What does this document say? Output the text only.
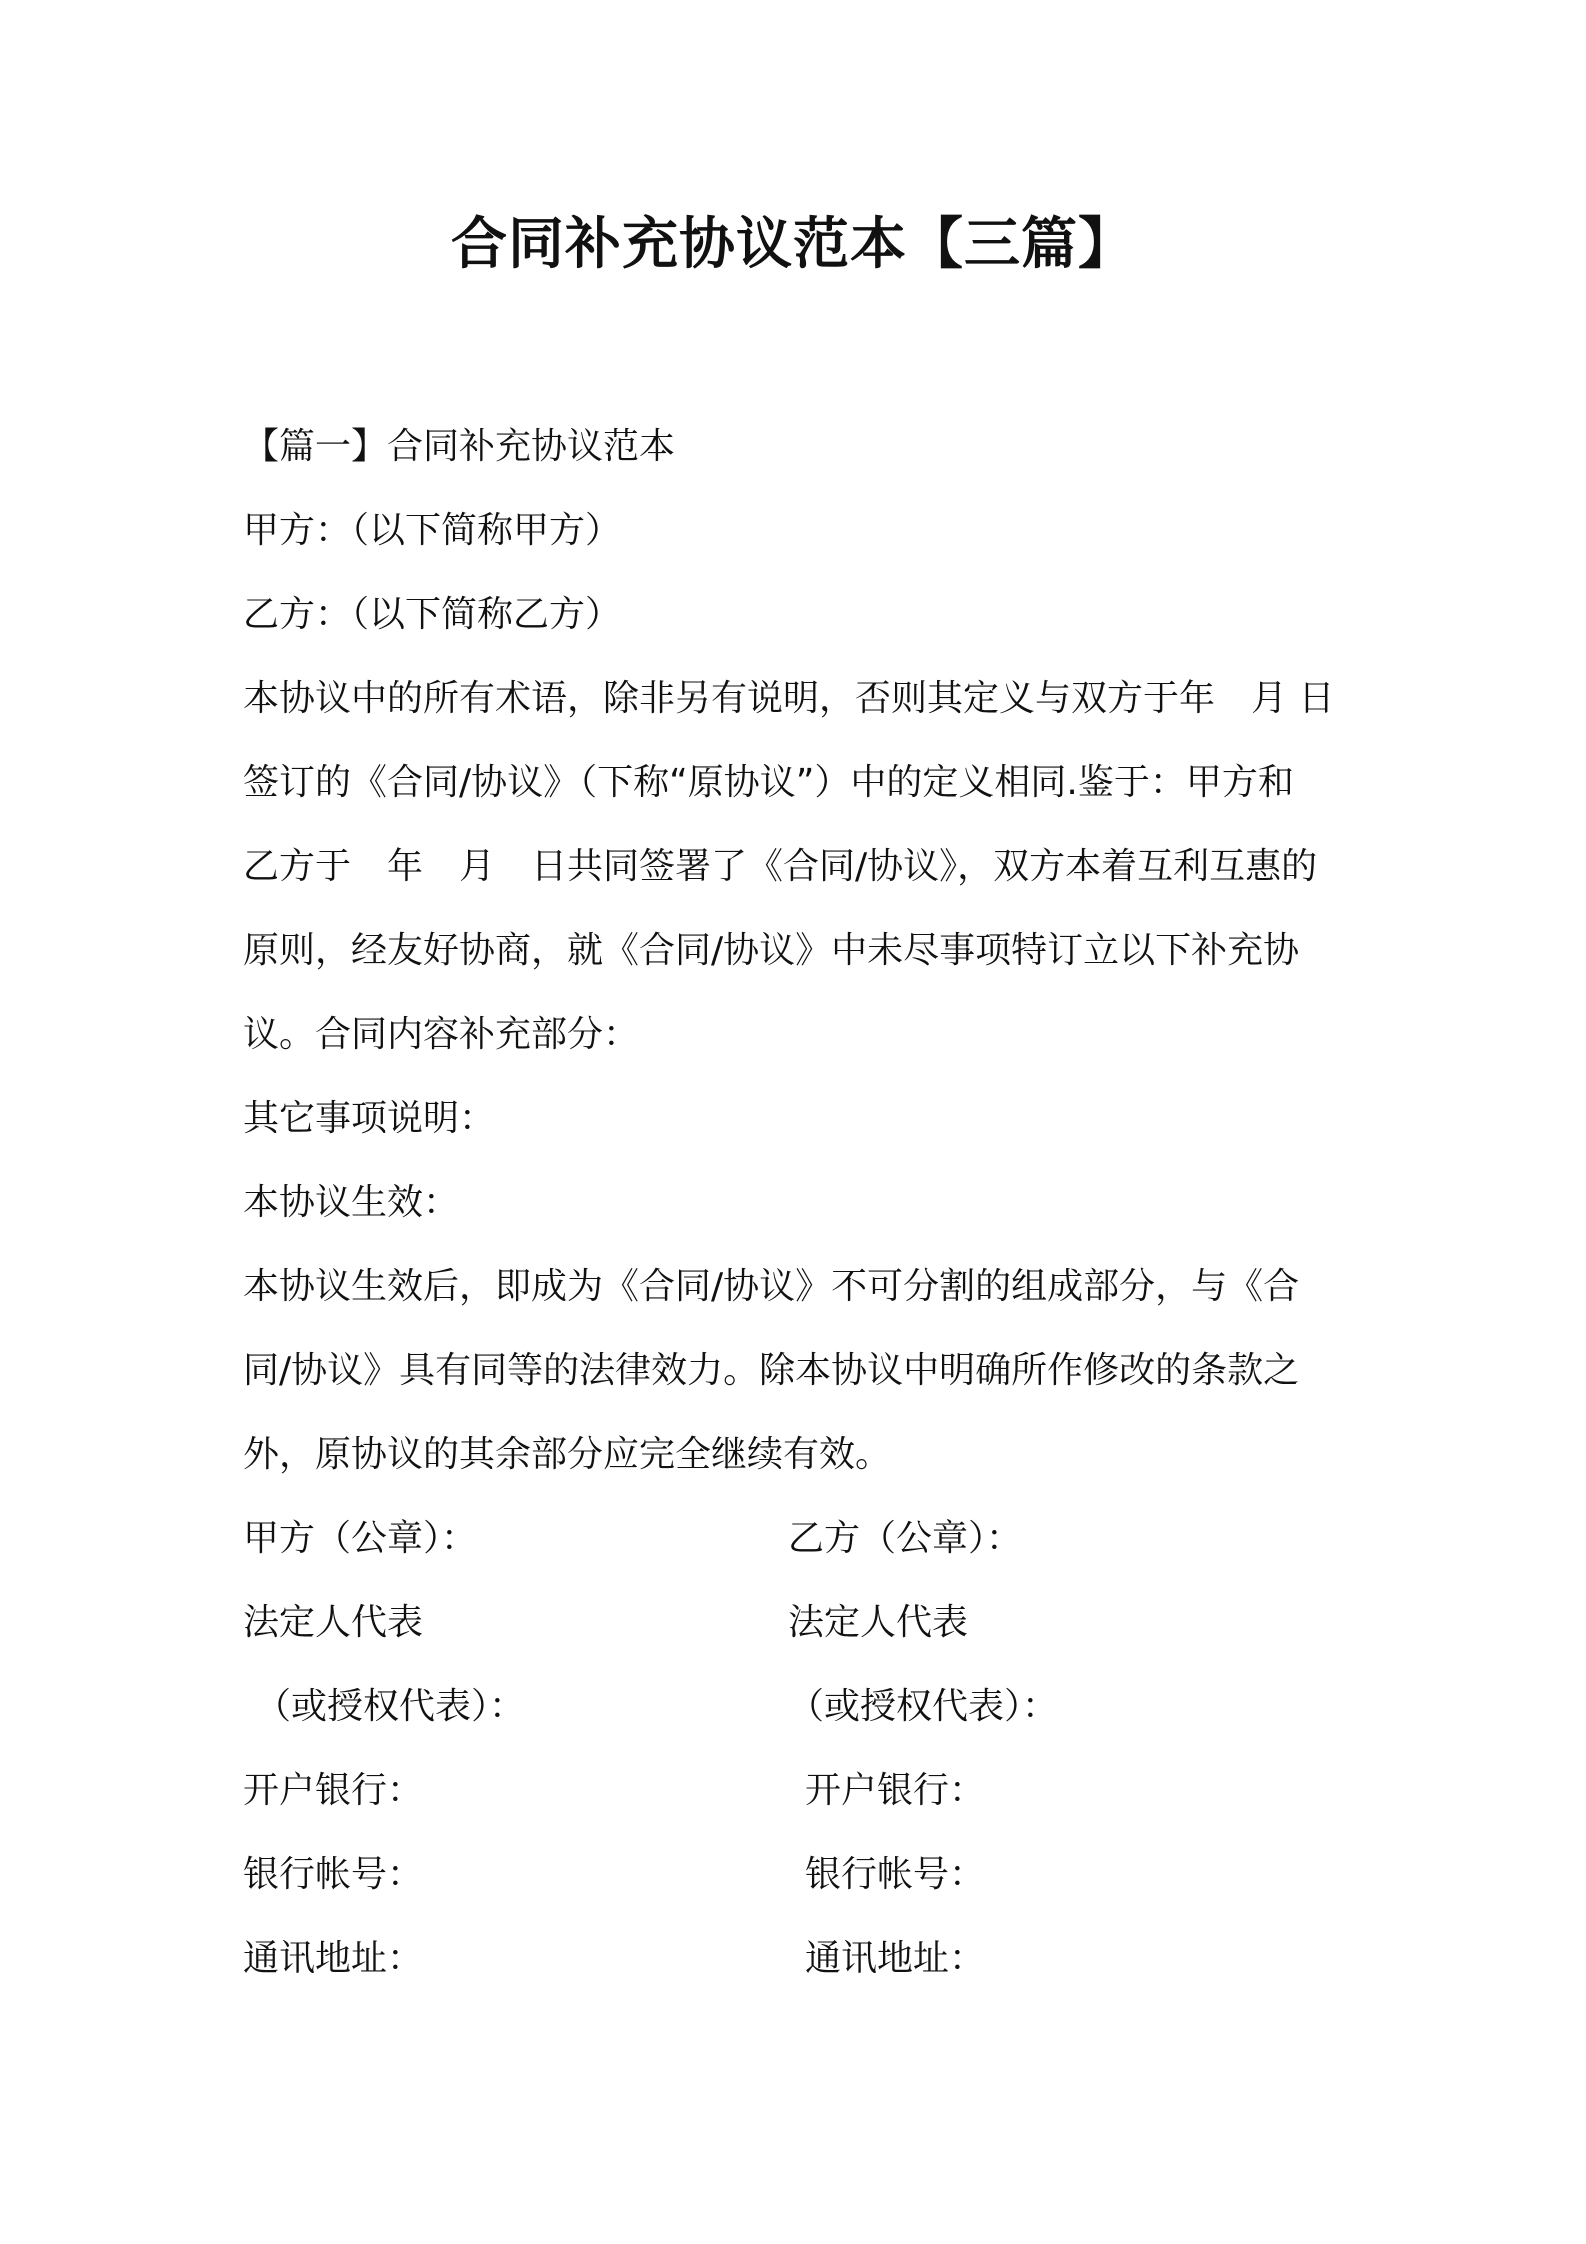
合同补充协议范本【三篇】
【篇一】合同补充协议范本
甲方：（以下简称甲方）
乙方：（以下简称乙方）
本协议中的所有术语，除非另有说明，否则其定义与双方于年　月 日
签订的《合同/协议》（下称“原协议”）中的定义相同.鉴于：甲方和
乙方于　年　月　日共同签署了《合同/协议》，双方本着互利互惠的
原则，经友好协商，就《合同/协议》中未尽事项特订立以下补充协
议。合同内容补充部分：
其它事项说明：
本协议生效：
本协议生效后，即成为《合同/协议》不可分割的组成部分，与《合
同/协议》具有同等的法律效力。除本协议中明确所作修改的条款之
外，原协议的其余部分应完全继续有效。
甲方（公章）：	乙方（公章）：
法定人代表	法定人代表
（或授权代表）：	（或授权代表）：
开户银行：	开户银行：
银行帐号：	银行帐号：
通讯地址：	通讯地址：
